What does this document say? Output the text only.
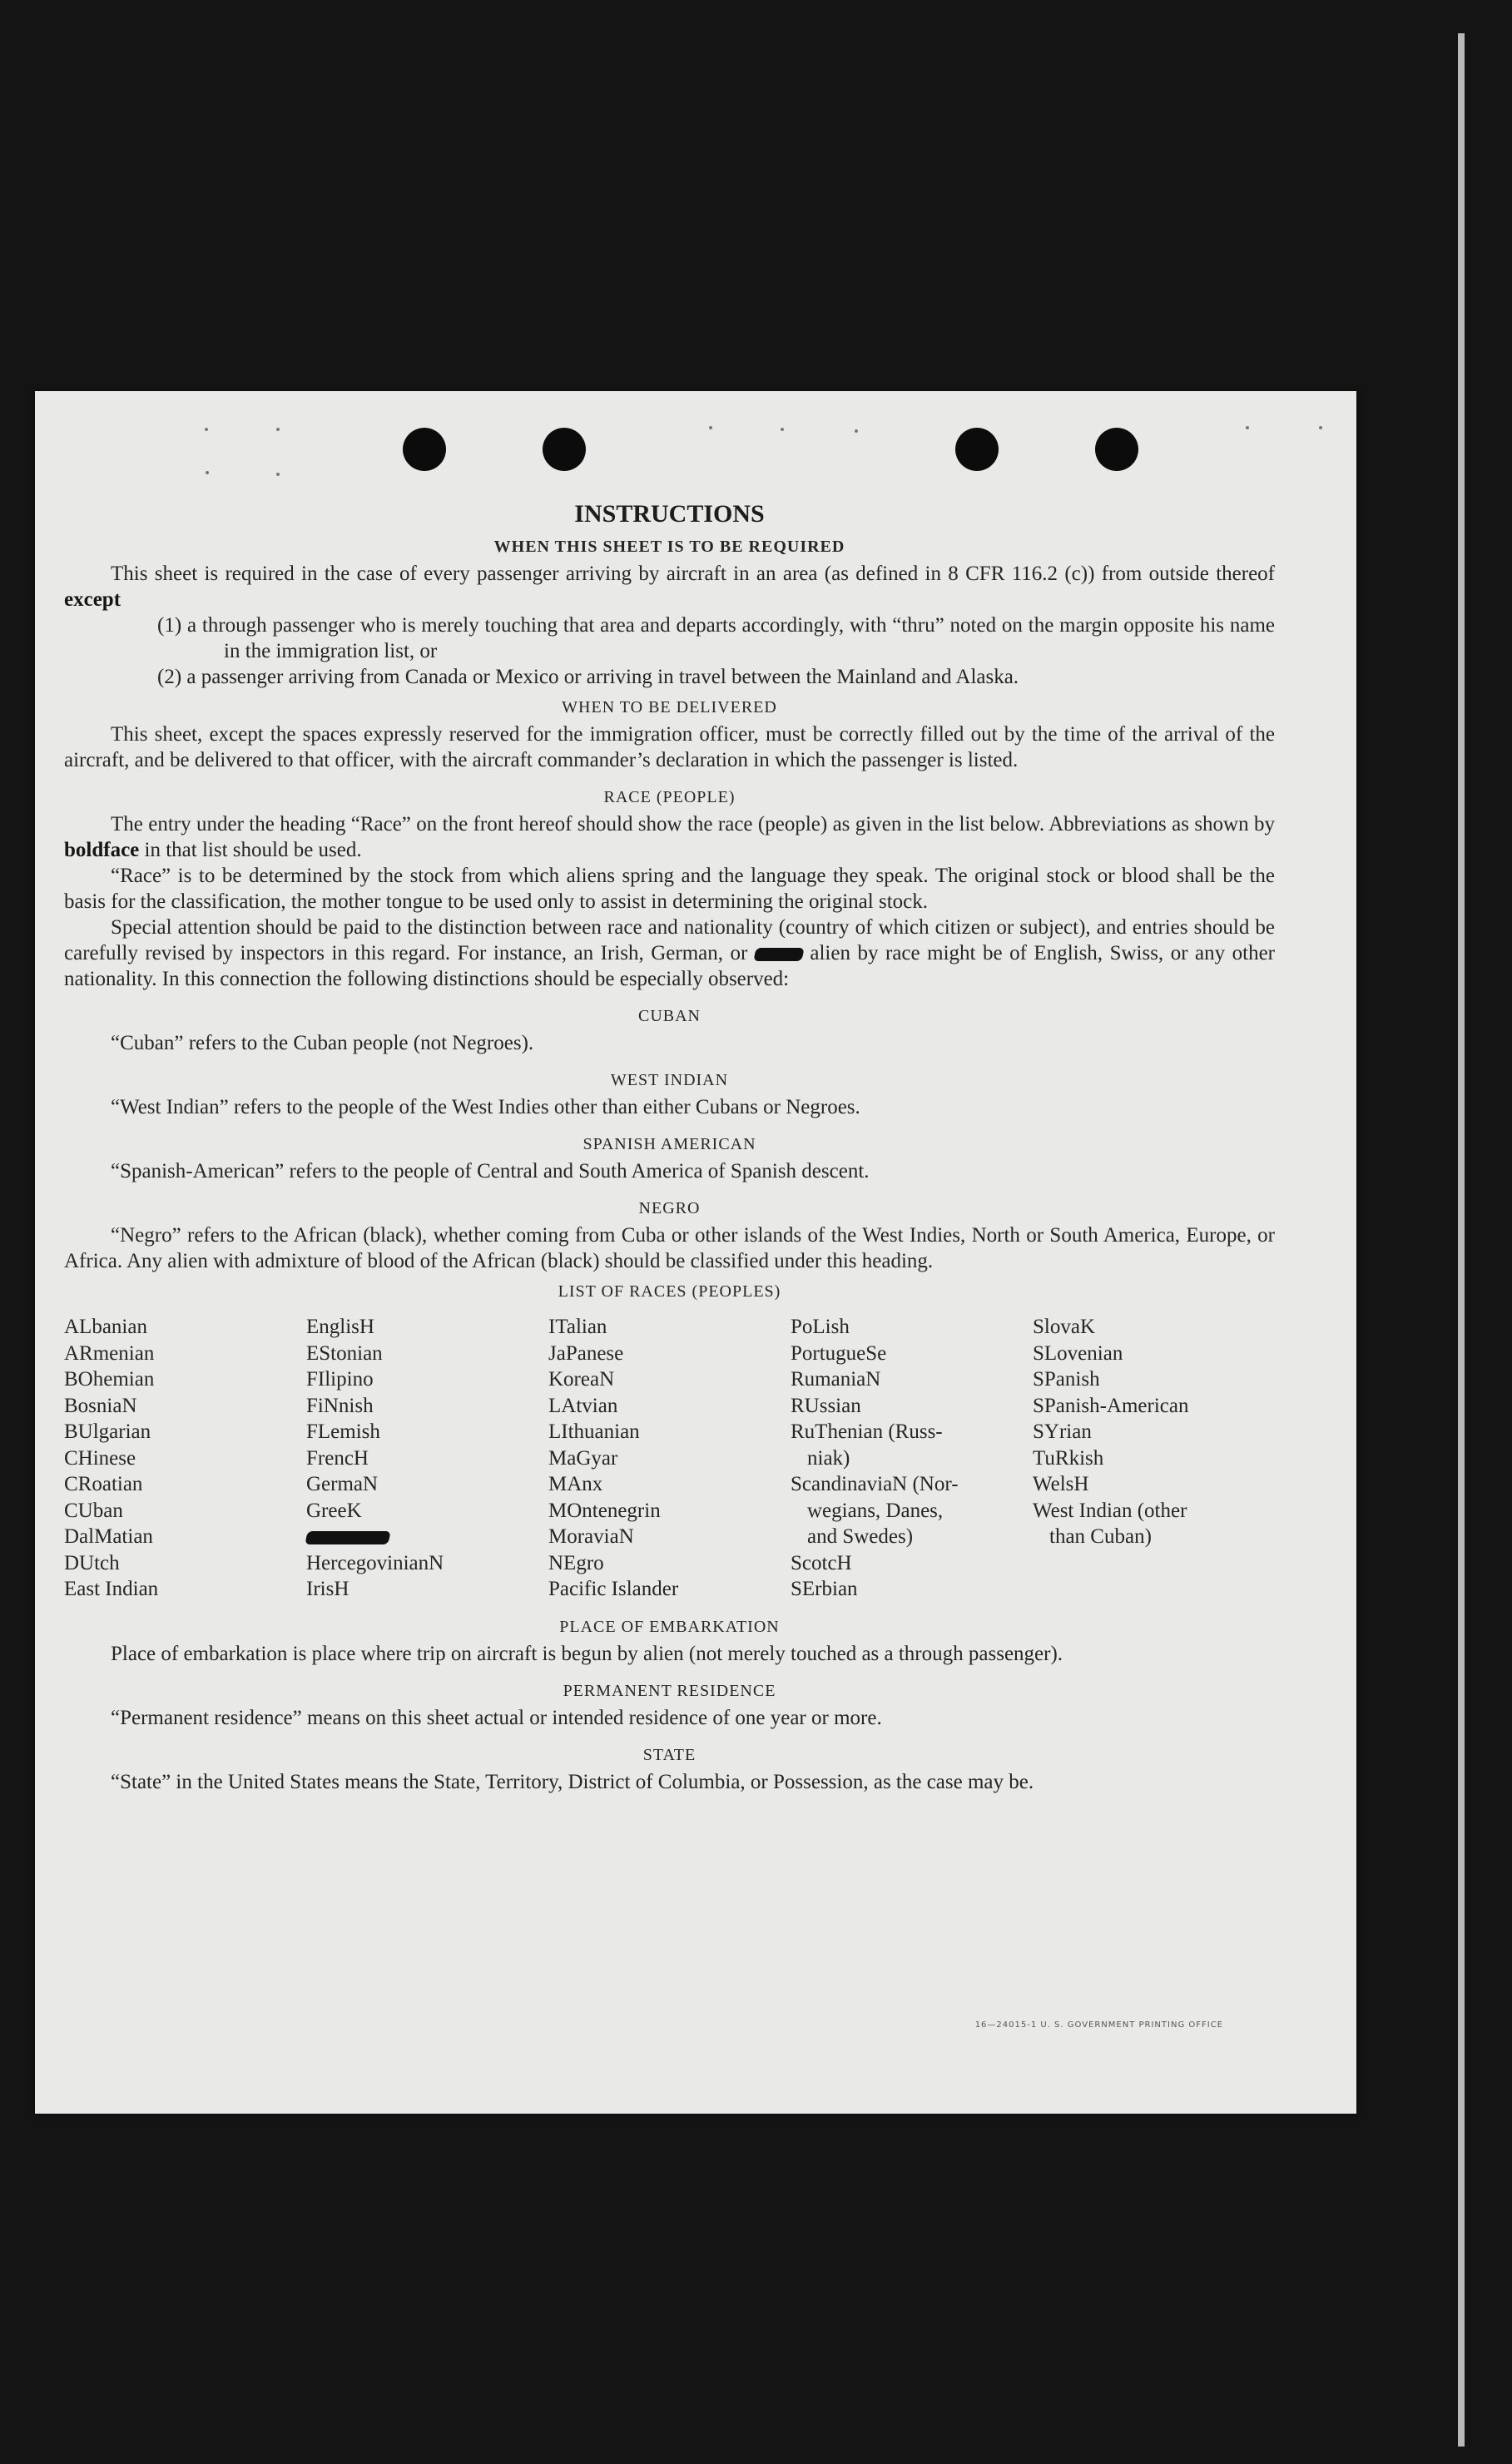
INSTRUCTIONS
WHEN THIS SHEET IS TO BE REQUIRED

This sheet is required in the case of every passenger arriving by aircraft in an area (as defined in 8 CFR 116.2 (c)) from outside thereof except

(1) a through passenger who is merely touching that area and departs accordingly, with “thru” noted on the margin opposite his name in the immigration list, or

(2) a passenger arriving from Canada or Mexico or arriving in travel between the Mainland and Alaska.

WHEN TO BE DELIVERED

This sheet, except the spaces expressly reserved for the immigration officer, must be correctly filled out by the time of the arrival of the aircraft, and be delivered to that officer, with the aircraft commander’s declaration in which the passenger is listed.

RACE (PEOPLE)

The entry under the heading “Race” on the front hereof should show the race (people) as given in the list below. Abbreviations as shown by boldface in that list should be used.

“Race” is to be determined by the stock from which aliens spring and the language they speak. The original stock or blood shall be the basis for the classification, the mother tongue to be used only to assist in determining the original stock.

Special attention should be paid to the distinction between race and nationality (country of which citizen or subject), and entries should be carefully revised by inspectors in this regard. For instance, an Irish, German, or	alien by race might be of English, Swiss, or any other nationality. In this connection the following distinctions should be especially observed:

CUBAN

“Cuban” refers to the Cuban people (not Negroes).

WEST INDIAN

“West Indian” refers to the people of the West Indies other than either Cubans or Negroes.

SPANISH AMERICAN

“Spanish-American” refers to the people of Central and South America of Spanish descent.

NEGRO

“Negro” refers to the African (black), whether coming from Cuba or other islands of the West Indies, North or South America, Europe, or Africa. Any alien with admixture of blood of the African (black) should be classified under this heading.

LIST OF RACES (PEOPLES)
ALbanian
ARmenian
BOhemian
BosniaN
BUlgarian
CHinese
CRoatian
CUban
DalMatian
DUtch
East Indian
EnglisH
EStonian
FIlipino
FiNnish
FLemish
FrencH
GermaN
GreeK
HercegovinianN
IrisH
ITalian
JaPanese
KoreaN
LAtvian
LIthuanian
MaGyar
MAnx
MOntenegrin
MoraviaN
NEgro
Pacific Islander
PoLish
PortugueSe
RumaniaN
RUssian
RuThenian (Russ-
niak)
ScandinaviaN (Nor-
wegians, Danes,
and Swedes)
ScotcH
SErbian
SlovaK
SLovenian
SPanish
SPanish-American
SYrian
TuRkish
WelsH
West Indian (other
than Cuban)
PLACE OF EMBARKATION

Place of embarkation is place where trip on aircraft is begun by alien (not merely touched as a through passenger).

PERMANENT RESIDENCE

“Permanent residence” means on this sheet actual or intended residence of one year or more.

STATE

“State” in the United States means the State, Territory, District of Columbia, or Possession, as the case may be.

16—24015-1 U. S. GOVERNMENT PRINTING OFFICE
